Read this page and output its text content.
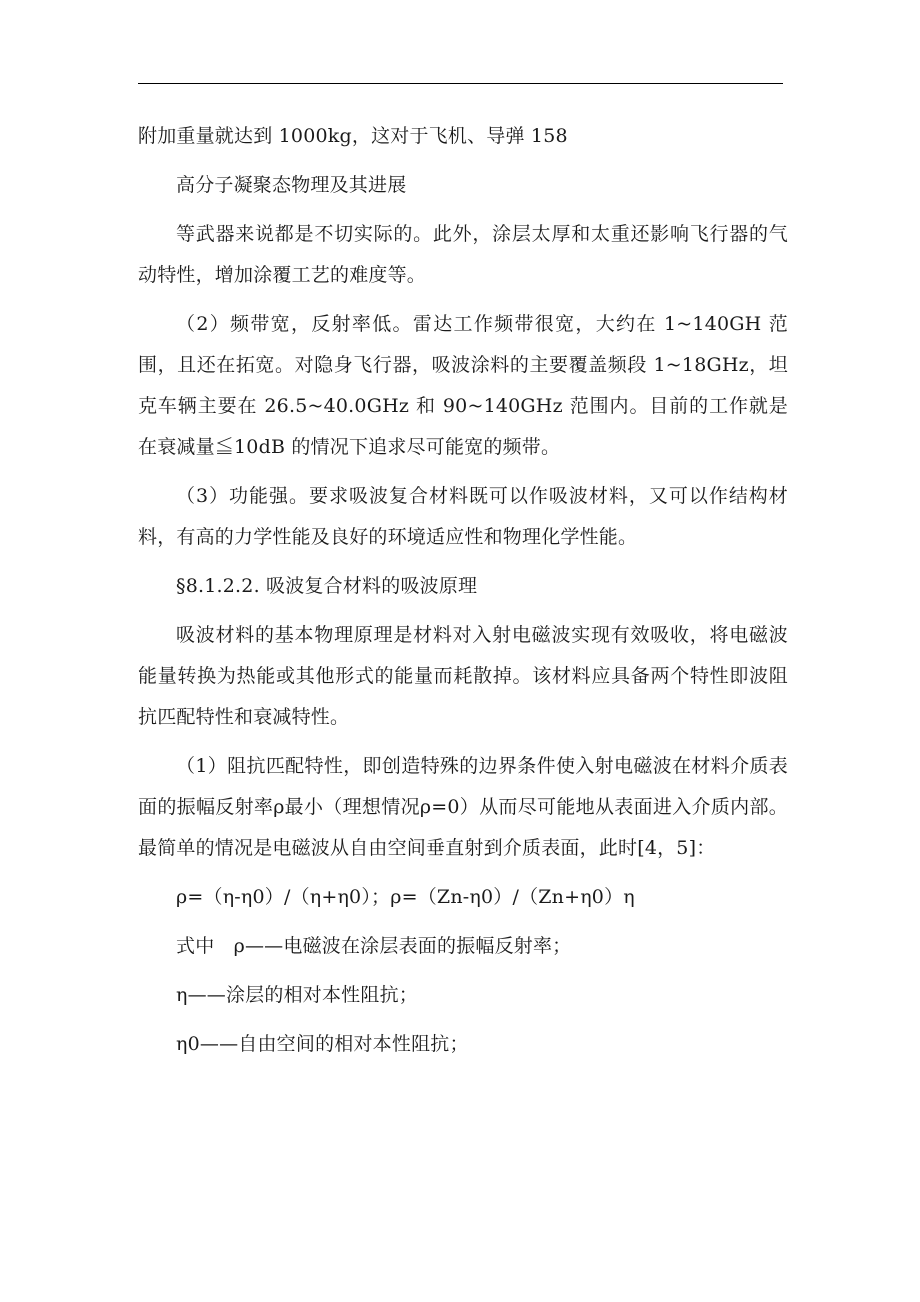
附加重量就达到 1000kg，这对于飞机、导弹 158

高分子凝聚态物理及其进展

等武器来说都是不切实际的。此外，涂层太厚和太重还影响飞行器的气动特性，增加涂覆工艺的难度等。

（2）频带宽，反射率低。雷达工作频带很宽，大约在 1~140GH 范围，且还在拓宽。对隐身飞行器，吸波涂料的主要覆盖频段 1~18GHz，坦克车辆主要在 26.5~40.0GHz 和 90~140GHz 范围内。目前的工作就是在衰减量≦10dB 的情况下追求尽可能宽的频带。

（3）功能强。要求吸波复合材料既可以作吸波材料，又可以作结构材料，有高的力学性能及良好的环境适应性和物理化学性能。

§8.1.2.2. 吸波复合材料的吸波原理

吸波材料的基本物理原理是材料对入射电磁波实现有效吸收，将电磁波能量转换为热能或其他形式的能量而耗散掉。该材料应具备两个特性即波阻抗匹配特性和衰减特性。

（1）阻抗匹配特性，即创造特殊的边界条件使入射电磁波在材料介质表面的振幅反射率ρ最小（理想情况ρ=0）从而尽可能地从表面进入介质内部。最简单的情况是电磁波从自由空间垂直射到介质表面，此时[4，5]：

ρ=（η-η0）/（η+η0）；ρ=（Zn-η0）/（Zn+η0）η

式中　ρ——电磁波在涂层表面的振幅反射率；

η——涂层的相对本性阻抗；

η0——自由空间的相对本性阻抗；
